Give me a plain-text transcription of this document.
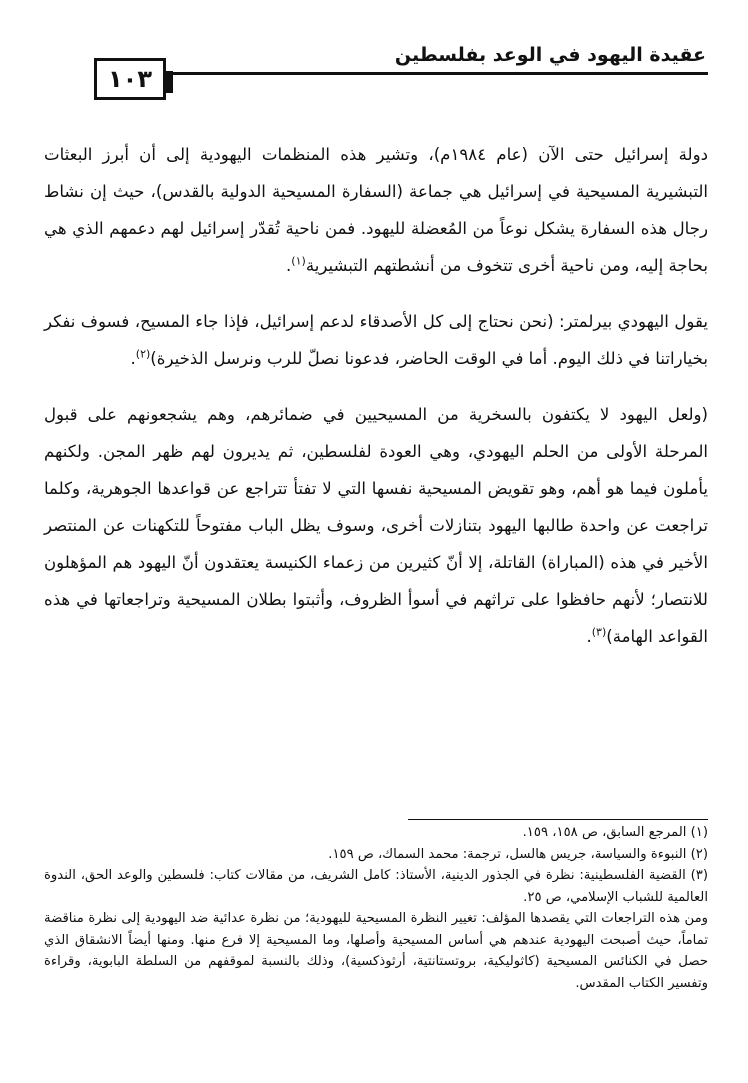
عقيدة اليهود في الوعد بفلسطين
١٠٣

دولة إسرائيل حتى الآن (عام ١٩٨٤م)، وتشير هذه المنظمات اليهودية إلى أن أبرز البعثات التبشيرية المسيحية في إسرائيل هي جماعة (السفارة المسيحية الدولية بالقدس)، حيث إن نشاط رجال هذه السفارة يشكل نوعاً من المُعضلة لليهود. فمن ناحية تُقدّر إسرائيل لهم دعمهم الذي هي بحاجة إليه، ومن ناحية أخرى تتخوف من أنشطتهم التبشيرية$^{(١)}$.

يقول اليهودي بيرلمتر: (نحن نحتاج إلى كل الأصدقاء لدعم إسرائيل، فإذا جاء المسيح، فسوف نفكر بخياراتنا في ذلك اليوم. أما في الوقت الحاضر، فدعونا نصلّ للرب ونرسل الذخيرة)$^{(٢)}$.

(ولعل اليهود لا يكتفون بالسخرية من المسيحيين في ضمائرهم، وهم يشجعونهم على قبول المرحلة الأولى من الحلم اليهودي، وهي العودة لفلسطين، ثم يديرون لهم ظهر المجن. ولكنهم يأملون فيما هو أهم، وهو تقويض المسيحية نفسها التي لا تفتأ تتراجع عن قواعدها الجوهرية، وكلما تراجعت عن واحدة طالبها اليهود بتنازلات أخرى، وسوف يظل الباب مفتوحاً للتكهنات عن المنتصر الأخير في هذه (المباراة) القاتلة، إلا أنّ كثيرين من زعماء الكنيسة يعتقدون أنّ اليهود هم المؤهلون للانتصار؛ لأنهم حافظوا على تراثهم في أسوأ الظروف، وأثبتوا بطلان المسيحية وتراجعاتها في هذه القواعد الهامة)$^{(٣)}$.

(١) المرجع السابق، ص ١٥٨، ١٥٩.

(٢) النبوءة والسياسة، جريس هالسل، ترجمة: محمد السماك، ص ١٥٩.

(٣) القضية الفلسطينية: نظرة في الجذور الدينية، الأستاذ: كامل الشريف، من مقالات كتاب: فلسطين والوعد الحق، الندوة العالمية للشباب الإسلامي، ص ٢٥.

ومن هذه التراجعات التي يقصدها المؤلف: تغيير النظرة المسيحية لليهودية؛ من نظرة عدائية ضد اليهودية إلى نظرة مناقضة تماماً، حيث أصبحت اليهودية عندهم هي أساس المسيحية وأصلها، وما المسيحية إلا فرع منها. ومنها أيضاً الانشقاق الذي حصل في الكنائس المسيحية (كاثوليكية، بروتستانتية، أرثوذكسية)، وذلك بالنسبة لموقفهم من السلطة البابوية، وقراءة وتفسير الكتاب المقدس.
